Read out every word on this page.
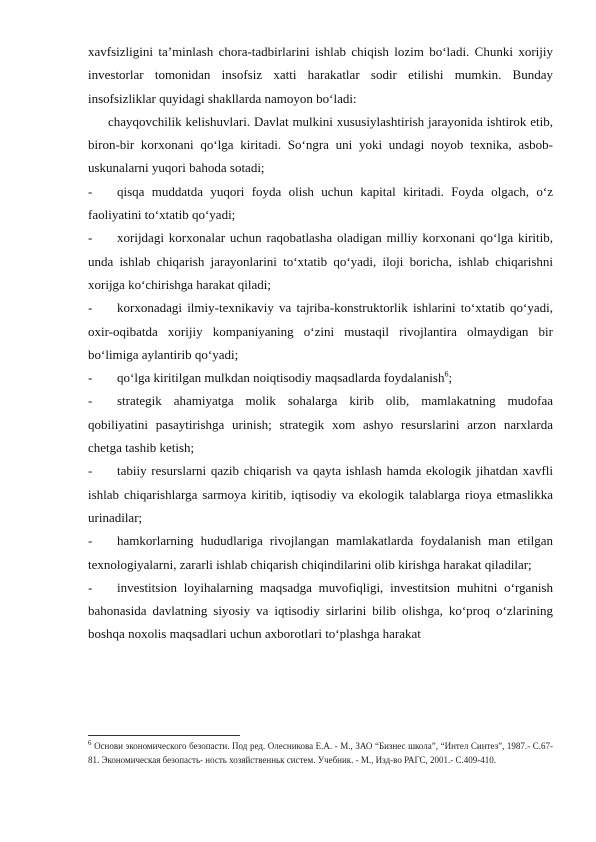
xavfsizligini ta’minlash chora-tadbirlarini ishlab chiqish lozim bo‘ladi. Chunki xorijiy investorlar tomonidan insofsiz xatti harakatlar sodir etilishi mumkin. Bunday insofsizliklar quyidagi shakllarda namoyon bo‘ladi:

chayqovchilik kelishuvlari. Davlat mulkini xususiylashtirish jarayonida ishtirok etib, biron-bir korxonani qo‘lga kiritadi. So‘ngra uni yoki undagi noyob texnika, asbob-uskunalarni yuqori bahoda sotadi;

- qisqa muddatda yuqori foyda olish uchun kapital kiritadi. Foyda olgach, o‘z faoliyatini to‘xtatib qo‘yadi;

- xorijdagi korxonalar uchun raqobatlasha oladigan milliy korxonani qo‘lga kiritib, unda ishlab chiqarish jarayonlarini to‘xtatib qo‘yadi, iloji boricha, ishlab chiqarishni xorijga ko‘chirishga harakat qiladi;

- korxonadagi ilmiy-texnikaviy va tajriba-konstruktorlik ishlarini to‘xtatib qo‘yadi, oxir-oqibatda xorijiy kompaniyaning o‘zini mustaqil rivojlantira olmaydigan bir bo‘limiga aylantirib qo‘yadi;

- qo‘lga kiritilgan mulkdan noiqtisodiy maqsadlarda foydalanish$^6$;

- strategik ahamiyatga molik sohalarga kirib olib, mamlakatning mudofaa qobiliyatini pasaytirishga urinish; strategik xom ashyo resurslarini arzon narxlarda chetga tashib ketish;

- tabiiy resurslarni qazib chiqarish va qayta ishlash hamda ekologik jihatdan xavfli ishlab chiqarishlarga sarmoya kiritib, iqtisodiy va ekologik talablarga rioya etmaslikka urinadilar;

- hamkorlarning hududlariga rivojlangan mamlakatlarda foydalanish man etilgan texnologiyalarni, zararli ishlab chiqarish chiqindilarini olib kirishga harakat qiladilar;

- investitsion loyihalarning maqsadga muvofiqligi, investitsion muhitni o‘rganish bahonasida davlatning siyosiy va iqtisodiy sirlarini bilib olishga, ko‘proq o‘zlarining boshqa noxolis maqsadlari uchun axborotlari to‘plashga harakat

$^6$ Основи экономического безопасти. Под ред. Олесникова Е.А. - М., ЗАО “Бизнес школа”, “Интел Синтез”, 1987.- С.67-81. Экономичеcкая безопасть- ность хозяйственньк систем. Учебник. - М., Изд-во РАГС, 2001.- С.409-410.
